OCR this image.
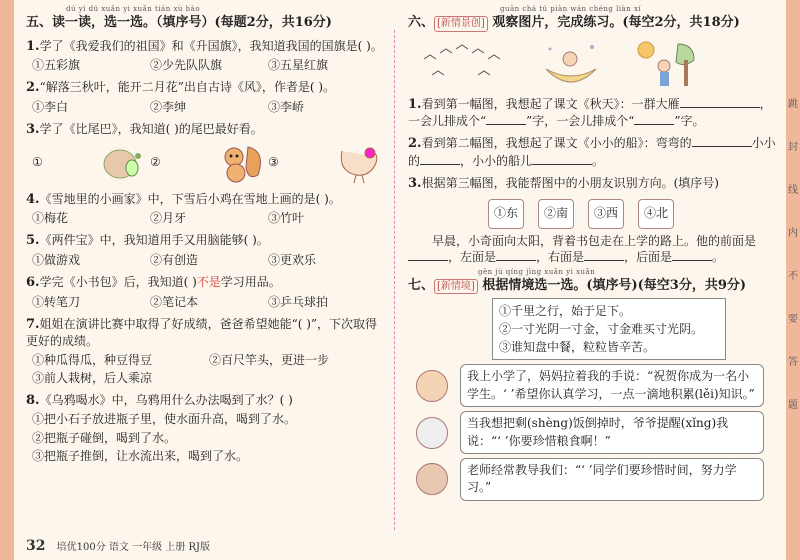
dú yi dú xuǎn yi xuǎn tián xù hào
五、读一读，选一选。（填序号）(每题2分，共16分)
1.学了《我爱我们的祖国》和《升国旗》，我知道我国的国旗是( )。
①五彩旗	②少先队队旗	③五星红旗
2.“解落三秋叶，能开二月花”出自古诗《风》，作者是( )。
①李白	②李绅	③李峤
3.学了《比尾巴》，我知道( )的尾巴最好看。
①	②	③
4.《雪地里的小画家》中，下雪后小鸡在雪地上画的是( )。
①梅花	②月牙	③竹叶
5.《两件宝》中，我知道用手又用脑能够( )。
①做游戏	②有创造	③更欢乐
6.学完《小书包》后，我知道( )不是学习用品。
①转笔刀	②笔记本	③乒乓球拍
7.姐姐在演讲比赛中取得了好成绩，爸爸希望她能“( )”，下次取得更好的成绩。
①种瓜得瓜，种豆得豆	②百尺竿头，更进一步
③前人栽树，后人乘凉
8.《乌鸦喝水》中，乌鸦用什么办法喝到了水？( )
①把小石子放进瓶子里，使水面升高，喝到了水。
②把瓶子碰倒，喝到了水。
③把瓶子推倒，让水流出来，喝到了水。
guān chá tú piàn wán chéng liàn xí
六、 [新情景创] 观察图片，完成练习。(每空2分，共18分)
1.看到第一幅图，我想起了课文《秋天》：一群大雁	，一会儿排成个“	”字，一会儿排成个“	”字。
2.看到第二幅图，我想起了课文《小小的船》：弯弯的	小小的	，小小的船儿	。
3.根据第三幅图，我能帮图中的小朋友识别方向。(填序号)
①东	②南	③西	④北
早晨，小奇面向太阳，背着书包走在上学的路上。他的前面是，左面是	，右面是	，后面是	。
gēn jù qíng jìng xuǎn yi xuǎn
七、 [新情境] 根据情境选一选。(填序号)(每空3分，共9分)
①千里之行，始于足下。
②一寸光阴一寸金，寸金难买寸光阴。
③谁知盘中餐，粒粒皆辛苦。
我上小学了，妈妈拉着我的手说：“祝贺你成为一名小学生。‘ ’希望你认真学习，一点一滴地积累(lěi)知识。”
当我想把剩(shèng)饭倒掉时，爷爷提醒(xǐng)我说：“‘ ’你要珍惜粮食啊！”
老师经常教导我们：“‘ ’同学们要珍惜时间，努力学习。”
跳
封
线
内
不
要
答
题
32 培优100分 语文 一年级 上册 RJ版
